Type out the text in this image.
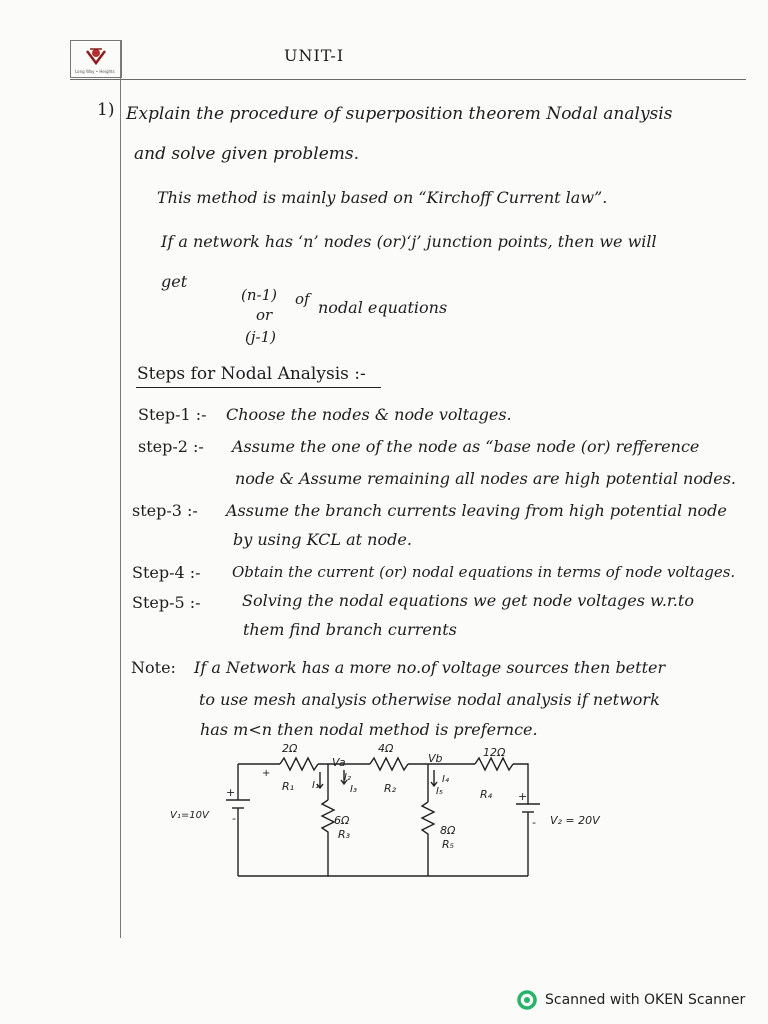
Long Way • Heights
UNIT-I
1) Explain the procedure of superposition theorem Nodal analysis
and solve given problems.
This method is mainly based on “Kirchoff Current law”.
If a network has ‘n’ nodes (or)‘j’ junction points, then we will
get
(n-1) of nodal equations
or
(j-1)
Steps for Nodal Analysis :-
Step-1 :- Choose the nodes & node voltages.
step-2 :- Assume the one of the node as “base node (or) refference
node & Assume remaining all nodes are high potential nodes.
step-3 :- Assume the branch currents leaving from high potential node
by using KCL at node.
Step-4 :- Obtain the current (or) nodal equations in terms of node voltages.
Step-5 :-	Solving the nodal equations we get node voltages w.r.to
them find branch currents
Note: If a Network has a more no.of voltage sources then better
to use mesh analysis otherwise nodal analysis if network
has m<n then nodal method is prefernce.
2Ω
R₁
4Ω
R₂
12Ω
R₄
6Ω
R₃	8Ω
R₅
Va	Vb
V₁=10V	V₂ = 20V
I₁
I₂
I₃
I₄
I₅
+
-
+
-
+
Scanned with OKEN Scanner
